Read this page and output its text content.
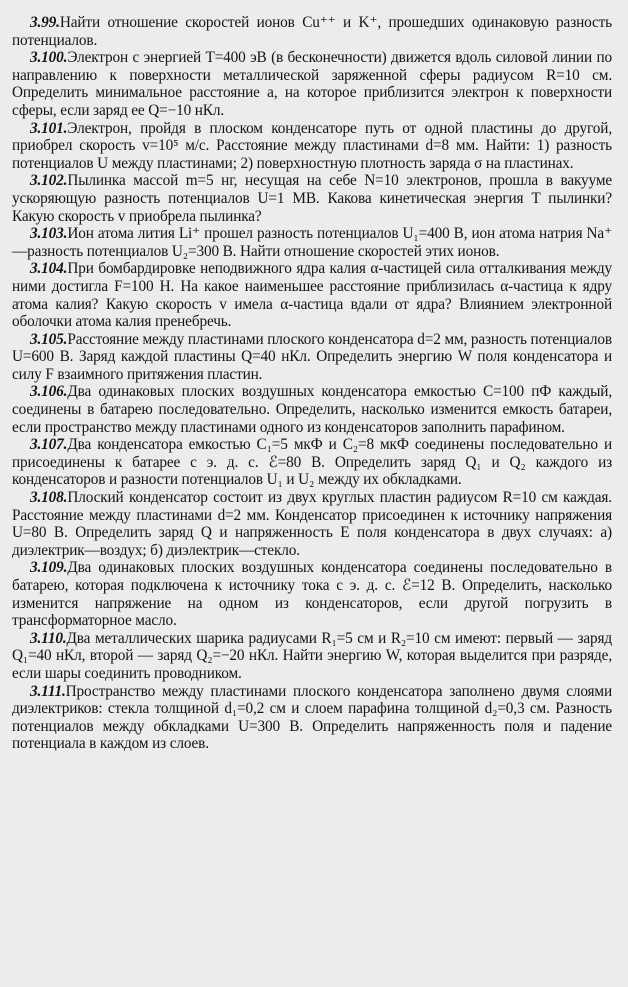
3.99.Найти отношение скоростей ионов Cu⁺⁺ и K⁺, прошедших одинаковую разность потенциалов.

3.100.Электрон с энергией T=400 эВ (в бесконечности) движется вдоль силовой линии по направлению к поверхности металлической заряженной сферы радиусом R=10 см. Определить минимальное расстояние a, на которое приблизится электрон к поверхности сферы, если заряд ее Q=−10 нКл.

3.101.Электрон, пройдя в плоском конденсаторе путь от одной пластины до другой, приобрел скорость v=10⁵ м/с. Расстояние между пластинами d=8 мм. Найти: 1) разность потенциалов U между пластинами; 2) поверхностную плотность заряда σ на пластинах.

3.102.Пылинка массой m=5 нг, несущая на себе N=10 электронов, прошла в вакууме ускоряющую разность потенциалов U=1 МВ. Какова кинетическая энергия T пылинки? Какую скорость v приобрела пылинка?

3.103.Ион атома лития Li⁺ прошел разность потенциалов U₁=400 В, ион атома натрия Na⁺—разность потенциалов U₂=300 В. Найти отношение скоростей этих ионов.

3.104.При бомбардировке неподвижного ядра калия α-частицей сила отталкивания между ними достигла F=100 Н. На какое наименьшее расстояние приблизилась α-частица к ядру атома калия? Какую скорость v имела α-частица вдали от ядра? Влиянием электронной оболочки атома калия пренебречь.

3.105.Расстояние между пластинами плоского конденсатора d=2 мм, разность потенциалов U=600 В. Заряд каждой пластины Q=40 нКл. Определить энергию W поля конденсатора и силу F взаимного притяжения пластин.

3.106.Два одинаковых плоских воздушных конденсатора емкостью C=100 пФ каждый, соединены в батарею последовательно. Определить, насколько изменится емкость батареи, если пространство между пластинами одного из конденсаторов заполнить парафином.

3.107.Два конденсатора емкостью C₁=5 мкФ и C₂=8 мкФ соединены последовательно и присоединены к батарее с э. д. с. ℰ=80 В. Определить заряд Q₁ и Q₂ каждого из конденсаторов и разности потенциалов U₁ и U₂ между их обкладками.

3.108.Плоский конденсатор состоит из двух круглых пластин радиусом R=10 см каждая. Расстояние между пластинами d=2 мм. Конденсатор присоединен к источнику напряжения U=80 В. Определить заряд Q и напряженность E поля конденсатора в двух случаях: а) диэлектрик—воздух; б) диэлектрик—стекло.

3.109.Два одинаковых плоских воздушных конденсатора соединены последовательно в батарею, которая подключена к источнику тока с э. д. с. ℰ=12 В. Определить, насколько изменится напряжение на одном из конденсаторов, если другой погрузить в трансформаторное масло.

3.110.Два металлических шарика радиусами R₁=5 см и R₂=10 см имеют: первый — заряд Q₁=40 нКл, второй — заряд Q₂=−20 нКл. Найти энергию W, которая выделится при разряде, если шары соединить проводником.

3.111.Пространство между пластинами плоского конденсатора заполнено двумя слоями диэлектриков: стекла толщиной d₁=0,2 см и слоем парафина толщиной d₂=0,3 см. Разность потенциалов между обкладками U=300 В. Определить напряженность поля и падение потенциала в каждом из слоев.
